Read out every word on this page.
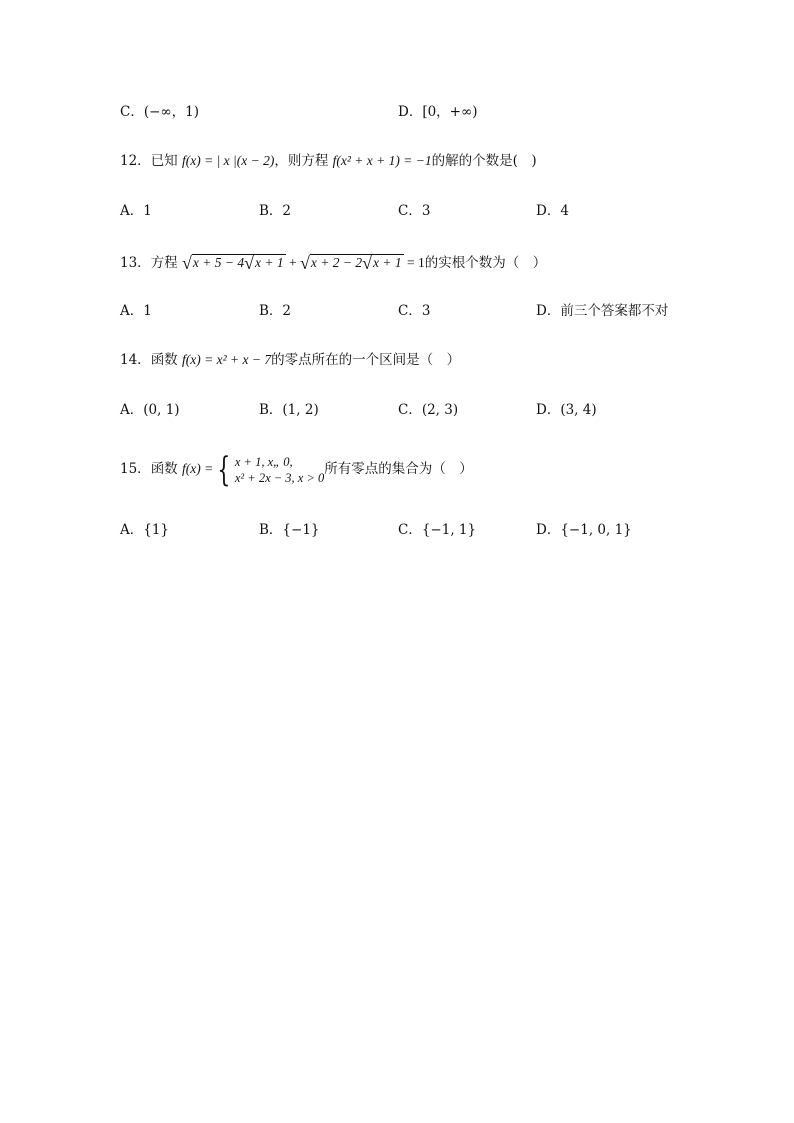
C．(−∞，1)	D．[0，+∞)
12．已知 f(x) = | x |(x − 2)，则方程 f(x² + x + 1) = −1的解的个数是(　)
A．1	B．2	C．3	D．4
13．方程 √x + 5 − 4√x + 1 + √x + 2 − 2√x + 1 = 1的实根个数为（　）
A．1	B．2	C．3	D．前三个答案都不对
14．函数 f(x) = x² + x − 7的零点所在的一个区间是（　）
A．(0, 1)	B．(1, 2)	C．(2, 3)	D．(3, 4)
15．函数 f(x) = { x + 1, x„ 0,
x² + 2x − 3, x > 0
所有零点的集合为（　）
A．{1}	B．{−1}	C．{−1, 1}	D．{−1, 0, 1}
